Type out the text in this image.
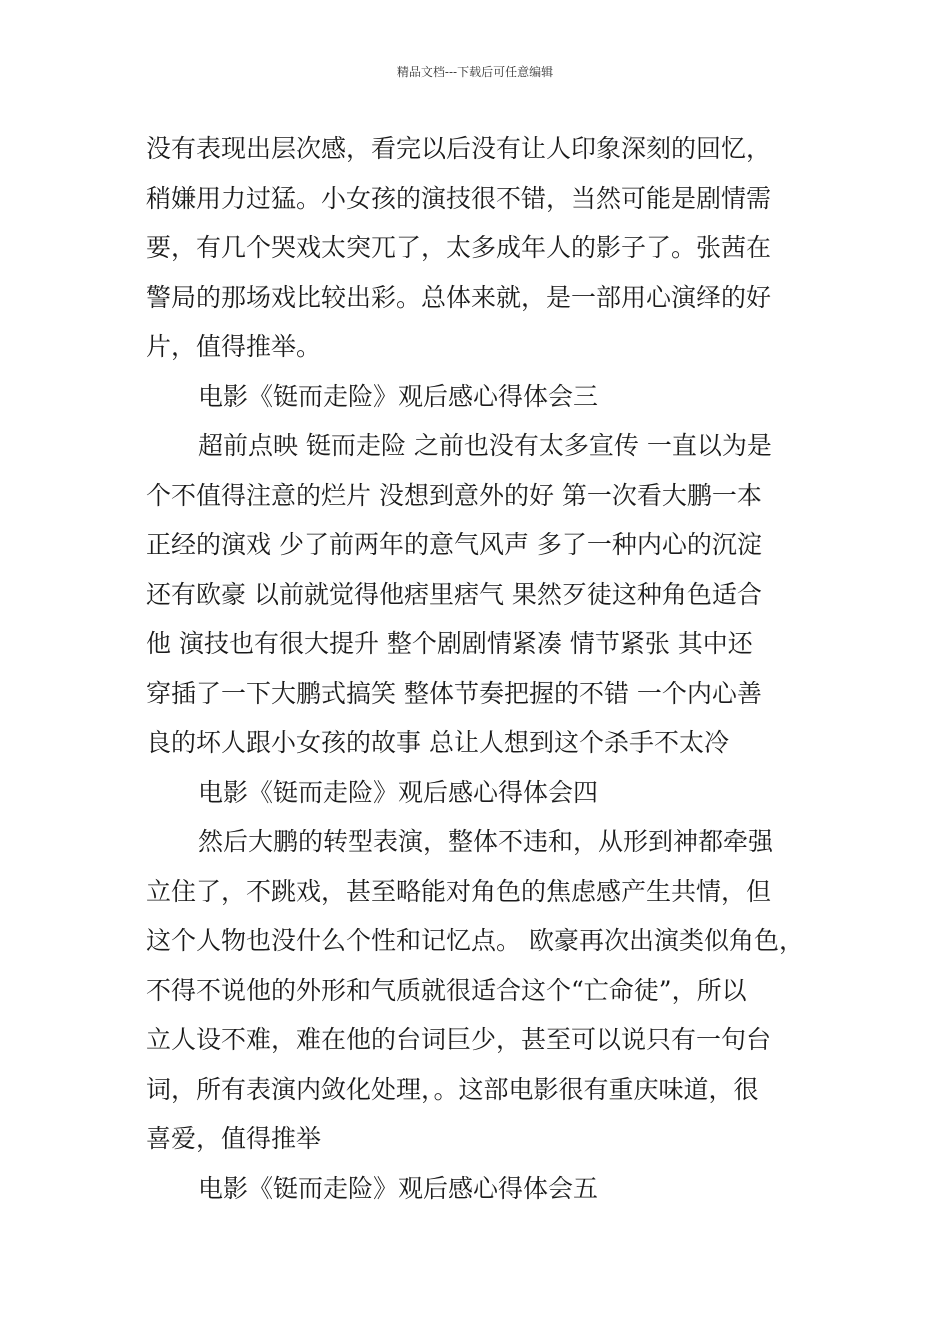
精品文档---下载后可任意编辑
没有表现出层次感，看完以后没有让人印象深刻的回忆，
稍嫌用力过猛。小女孩的演技很不错，当然可能是剧情需
要，有几个哭戏太突兀了，太多成年人的影子了。张茜在
警局的那场戏比较出彩。总体来就，是一部用心演绎的好
片，值得推举。
电影《铤而走险》观后感心得体会三
超前点映 铤而走险 之前也没有太多宣传 一直以为是
个不值得注意的烂片 没想到意外的好 第一次看大鹏一本
正经的演戏 少了前两年的意气风声 多了一种内心的沉淀
还有欧豪 以前就觉得他痞里痞气 果然歹徒这种角色适合
他 演技也有很大提升 整个剧剧情紧凑 情节紧张 其中还
穿插了一下大鹏式搞笑 整体节奏把握的不错 一个内心善
良的坏人跟小女孩的故事 总让人想到这个杀手不太冷
电影《铤而走险》观后感心得体会四
然后大鹏的转型表演，整体不违和，从形到神都牵强
立住了，不跳戏，甚至略能对角色的焦虑感产生共情，但
这个人物也没什么个性和记忆点。 欧豪再次出演类似角色，
不得不说他的外形和气质就很适合这个“亡命徒”，所以
立人设不难，难在他的台词巨少，甚至可以说只有一句台
词，所有表演内敛化处理，。这部电影很有重庆味道，很
喜爱，值得推举
电影《铤而走险》观后感心得体会五
